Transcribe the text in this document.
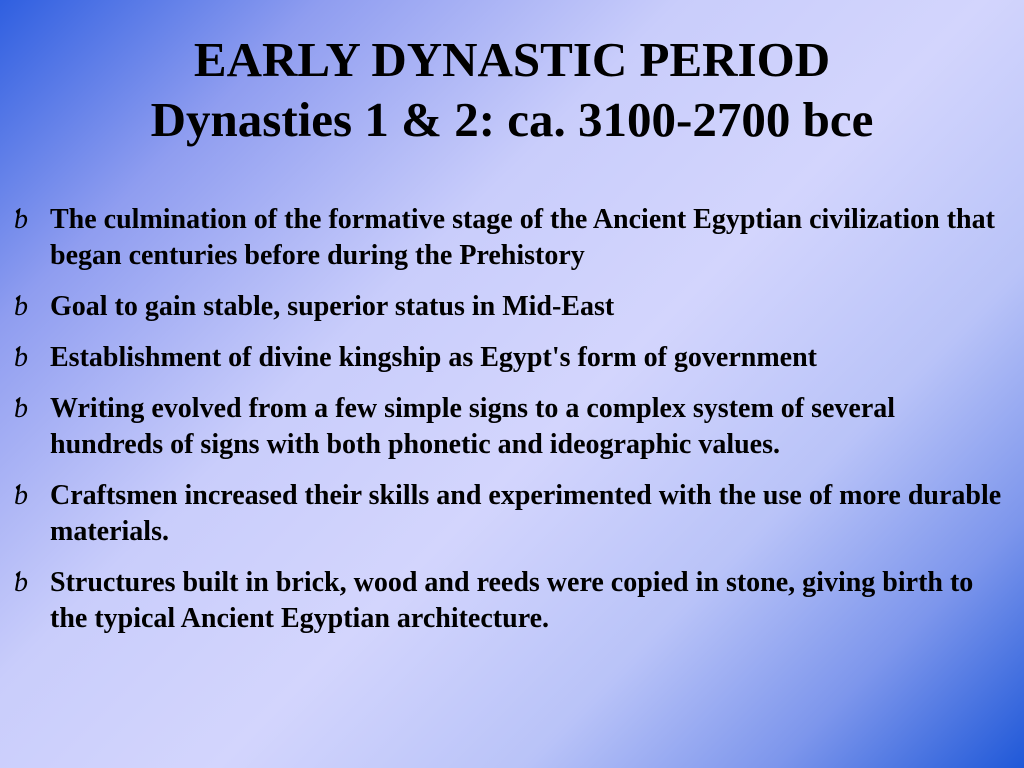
EARLY DYNASTIC PERIOD
Dynasties 1 & 2: ca. 3100-2700 bce
ƅ The culmination of the formative stage of the Ancient Egyptian civilization that began centuries before during the Prehistory
ƅ Goal to gain stable, superior status in Mid-East
ƅ Establishment of divine kingship as Egypt's form of government
ƅ Writing evolved from a few simple signs to a complex system of several hundreds of signs with both phonetic and ideographic values.
ƅ Craftsmen increased their skills and experimented with the use of more durable materials.
ƅ Structures built in brick, wood and reeds were copied in stone, giving birth to the typical Ancient Egyptian architecture.
